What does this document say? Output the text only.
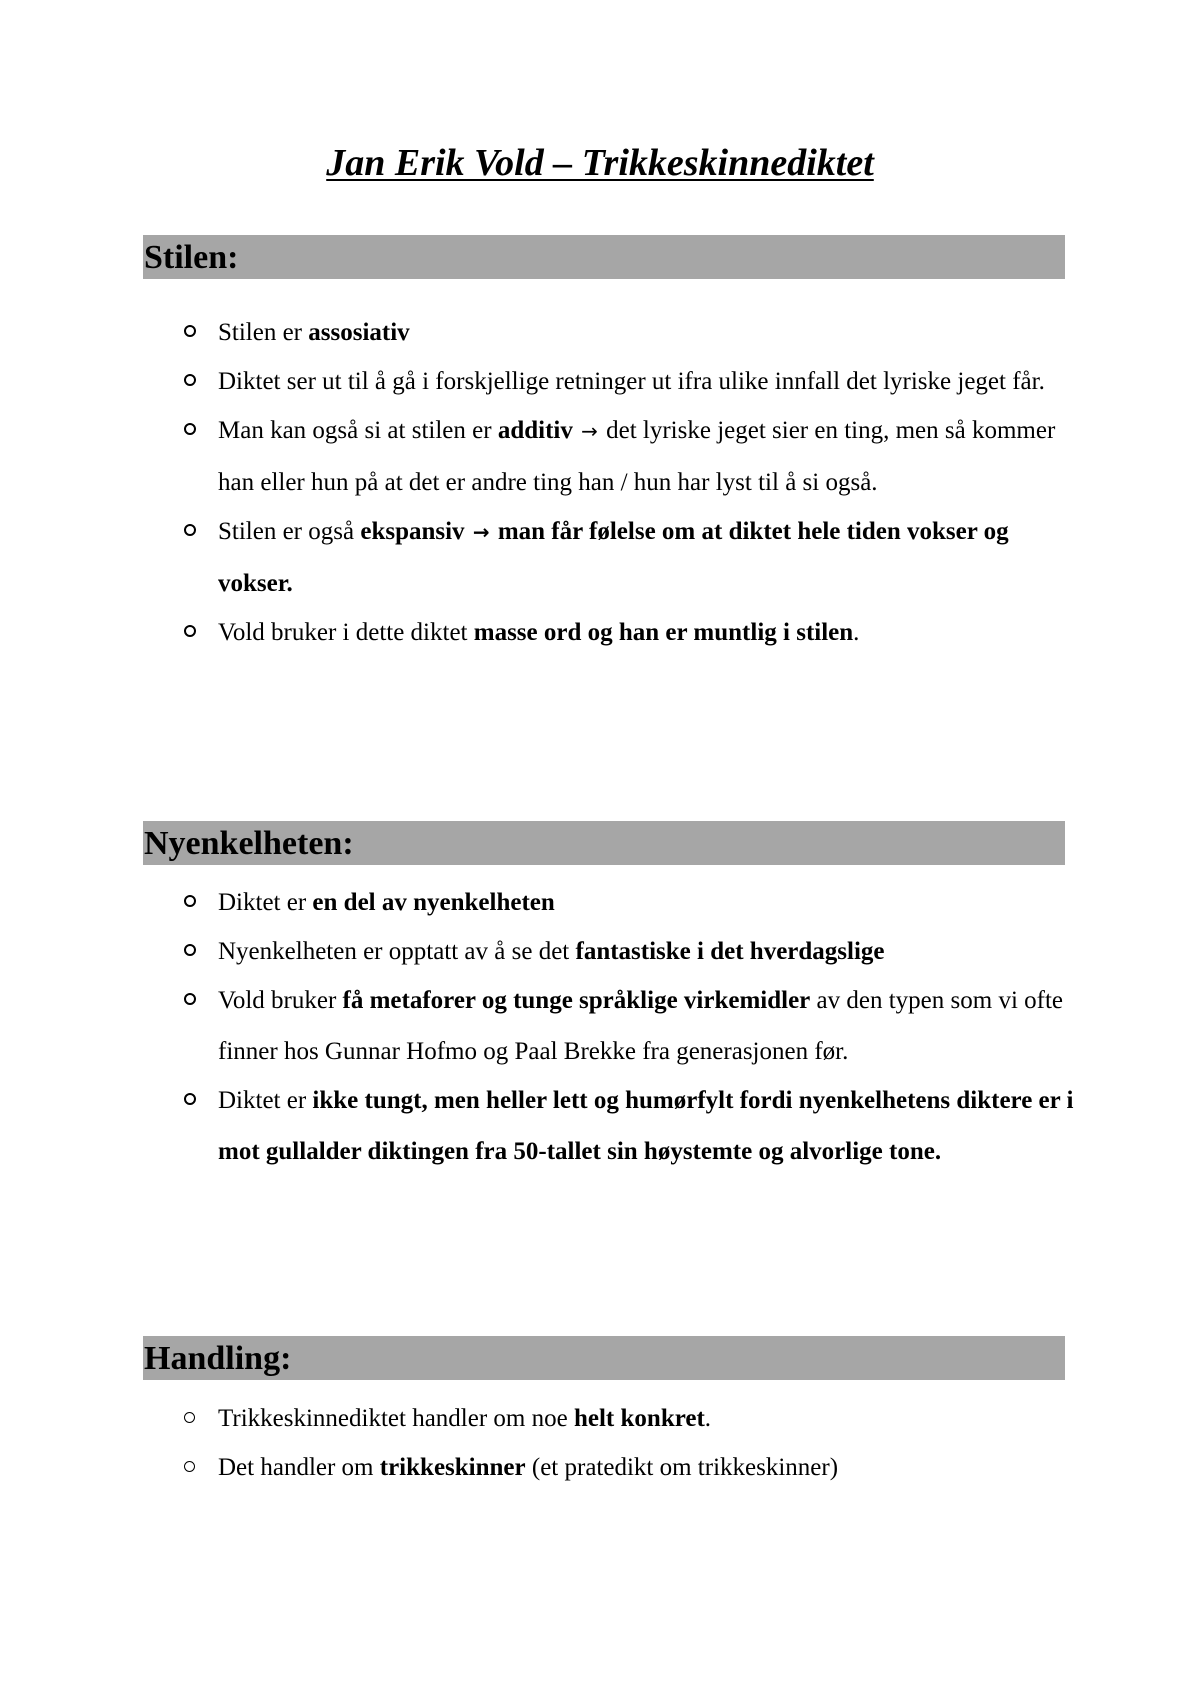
Jan Erik Vold – Trikkeskinnediktet
Stilen:
Stilen er assosiativ
Diktet ser ut til å gå i forskjellige retninger ut ifra ulike innfall det lyriske jeget får.
Man kan også si at stilen er additiv → det lyriske jeget sier en ting, men så kommer han eller hun på at det er andre ting han / hun har lyst til å si også.
Stilen er også ekspansiv → man får følelse om at diktet hele tiden vokser og vokser.
Vold bruker i dette diktet masse ord og han er muntlig i stilen.
Nyenkelheten:
Diktet er en del av nyenkelheten
Nyenkelheten er opptatt av å se det fantastiske i det hverdagslige
Vold bruker få metaforer og tunge språklige virkemidler av den typen som vi ofte finner hos Gunnar Hofmo og Paal Brekke fra generasjonen før.
Diktet er ikke tungt, men heller lett og humørfylt fordi nyenkelhetens diktere er i mot gullalder diktingen fra 50-tallet sin høystemte og alvorlige tone.
Handling:
Trikkeskinnediktet handler om noe helt konkret.
Det handler om trikkeskinner (et pratedikt om trikkeskinner)
